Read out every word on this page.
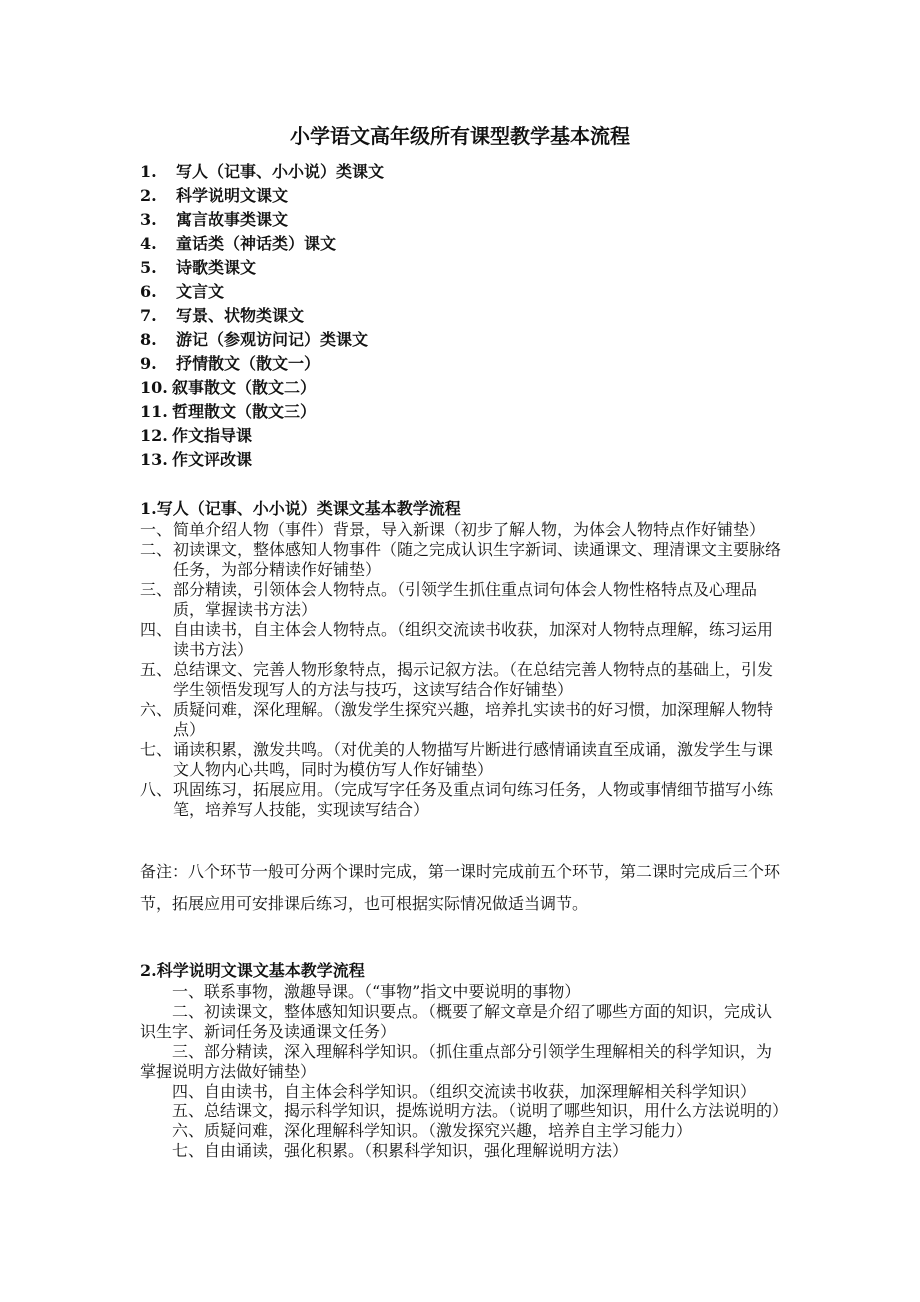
小学语文高年级所有课型教学基本流程
1. 写人（记事、小小说）类课文
2. 科学说明文课文
3. 寓言故事类课文
4. 童话类（神话类）课文
5. 诗歌类课文
6. 文言文
7. 写景、状物类课文
8. 游记（参观访问记）类课文
9. 抒情散文（散文一）
10. 叙事散文（散文二）
11. 哲理散文（散文三）
12. 作文指导课
13. 作文评改课
1.写人（记事、小小说）类课文基本教学流程
一、 简单介绍人物（事件）背景，导入新课（初步了解人物，为体会人物特点作好铺垫）
二、 初读课文，整体感知人物事件（随之完成认识生字新词、读通课文、理清课文主要脉络任务，为部分精读作好铺垫）
三、 部分精读，引领体会人物特点。（引领学生抓住重点词句体会人物性格特点及心理品质，掌握读书方法）
四、 自由读书，自主体会人物特点。（组织交流读书收获，加深对人物特点理解，练习运用读书方法）
五、 总结课文、完善人物形象特点，揭示记叙方法。（在总结完善人物特点的基础上，引发学生领悟发现写人的方法与技巧，这读写结合作好铺垫）
六、 质疑问难，深化理解。（激发学生探究兴趣，培养扎实读书的好习惯，加深理解人物特点）
七、 诵读积累，激发共鸣。（对优美的人物描写片断进行感情诵读直至成诵，激发学生与课文人物内心共鸣，同时为模仿写人作好铺垫）
八、 巩固练习，拓展应用。（完成写字任务及重点词句练习任务，人物或事情细节描写小练笔，培养写人技能，实现读写结合）
备注：八个环节一般可分两个课时完成，第一课时完成前五个环节，第二课时完成后三个环节，拓展应用可安排课后练习，也可根据实际情况做适当调节。
2.科学说明文课文基本教学流程

一、联系事物，激趣导课。（“事物”指文中要说明的事物）

二、初读课文，整体感知知识要点。（概要了解文章是介绍了哪些方面的知识，完成认识生字、新词任务及读通课文任务）

三、部分精读，深入理解科学知识。（抓住重点部分引领学生理解相关的科学知识，为掌握说明方法做好铺垫）

四、自由读书，自主体会科学知识。（组织交流读书收获，加深理解相关科学知识）

五、总结课文，揭示科学知识，提炼说明方法。（说明了哪些知识，用什么方法说明的）

六、质疑问难，深化理解科学知识。（激发探究兴趣，培养自主学习能力）

七、自由诵读，强化积累。（积累科学知识，强化理解说明方法）
